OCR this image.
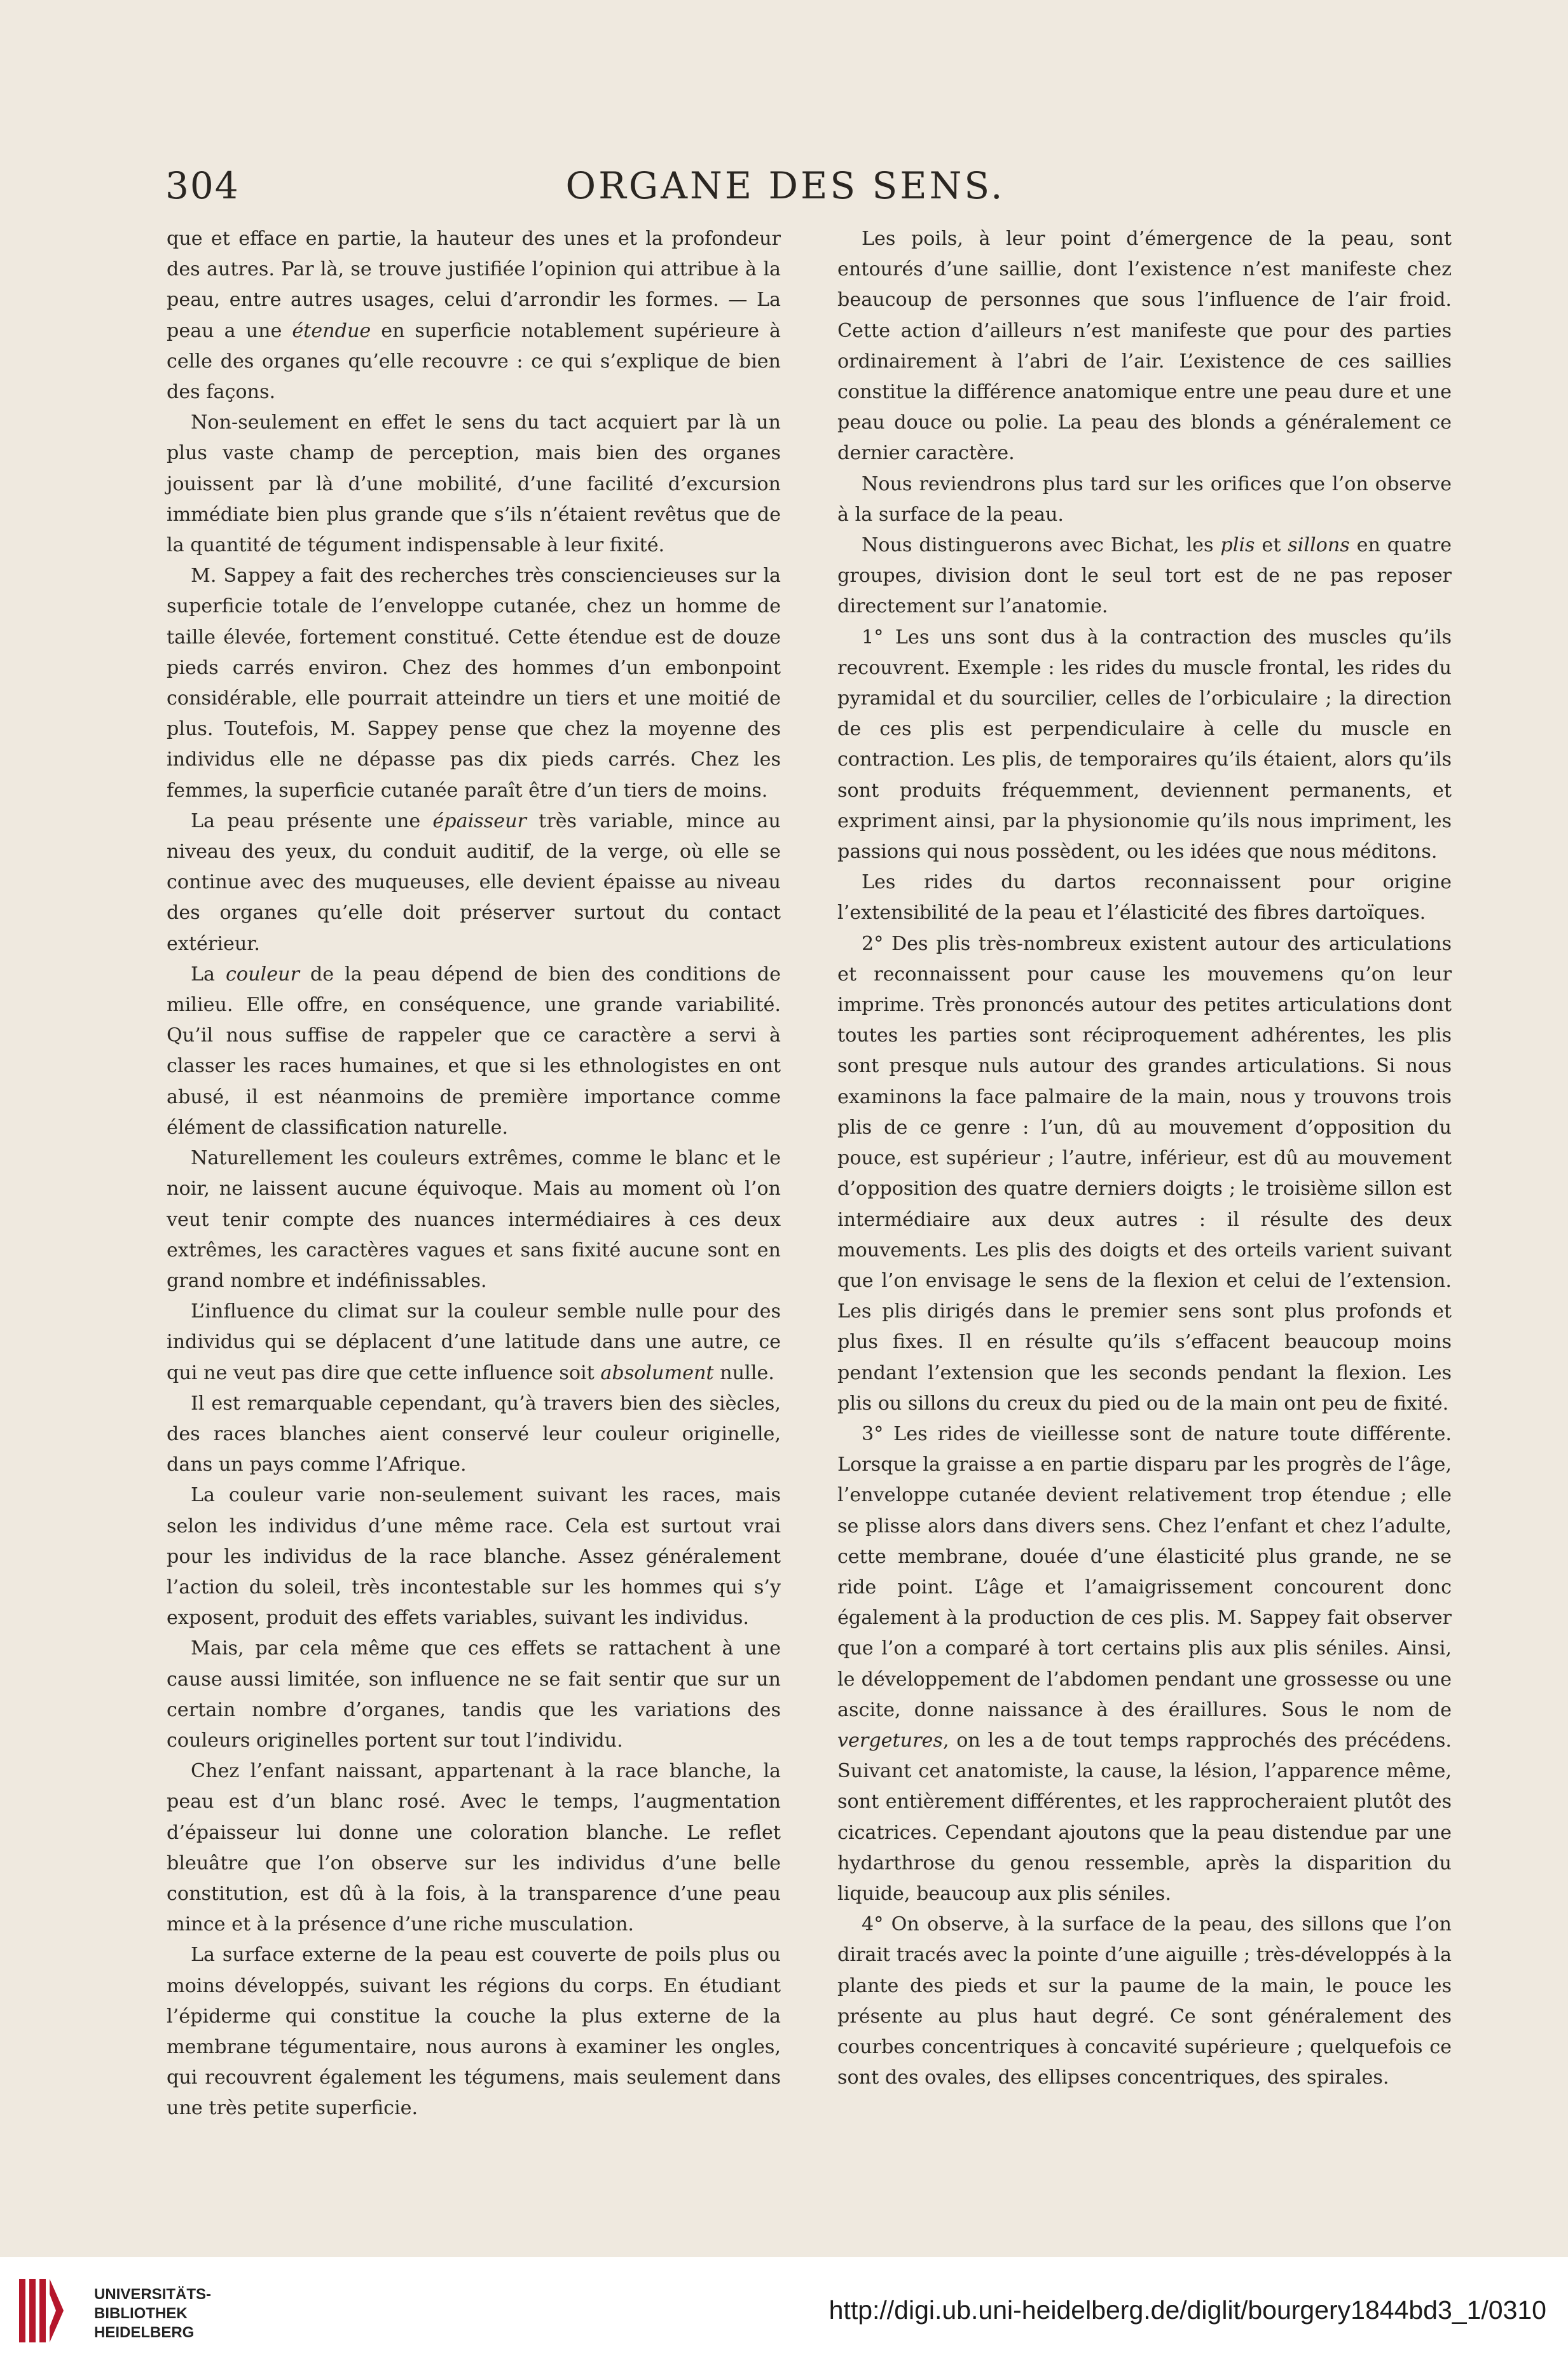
304	ORGANE DES SENS.

que et efface en partie, la hauteur des unes et la profondeur des autres. Par là, se trouve justifiée l’opinion qui attribue à la peau, entre autres usages, celui d’arrondir les formes. — La peau a une étendue en superficie notablement supérieure à celle des organes qu’elle recouvre : ce qui s’explique de bien des façons.

Non-seulement en effet le sens du tact acquiert par là un plus vaste champ de perception, mais bien des organes jouissent par là d’une mobilité, d’une facilité d’excursion immédiate bien plus grande que s’ils n’étaient revêtus que de la quantité de tégument indispensable à leur fixité.

M. Sappey a fait des recherches très consciencieuses sur la superficie totale de l’enveloppe cutanée, chez un homme de taille élevée, fortement constitué. Cette étendue est de douze pieds carrés environ. Chez des hommes d’un embonpoint considérable, elle pourrait atteindre un tiers et une moitié de plus. Toutefois, M. Sappey pense que chez la moyenne des individus elle ne dépasse pas dix pieds carrés. Chez les femmes, la superficie cutanée paraît être d’un tiers de moins.

La peau présente une épaisseur très variable, mince au niveau des yeux, du conduit auditif, de la verge, où elle se continue avec des muqueuses, elle devient épaisse au niveau des organes qu’elle doit préserver surtout du contact extérieur.

La couleur de la peau dépend de bien des conditions de milieu. Elle offre, en conséquence, une grande variabilité. Qu’il nous suffise de rappeler que ce caractère a servi à classer les races humaines, et que si les ethnologistes en ont abusé, il est néanmoins de première importance comme élément de classification naturelle.

Naturellement les couleurs extrêmes, comme le blanc et le noir, ne laissent aucune équivoque. Mais au moment où l’on veut tenir compte des nuances intermédiaires à ces deux extrêmes, les caractères vagues et sans fixité aucune sont en grand nombre et indéfinissables.

L’influence du climat sur la couleur semble nulle pour des individus qui se déplacent d’une latitude dans une autre, ce qui ne veut pas dire que cette influence soit absolument nulle.

Il est remarquable cependant, qu’à travers bien des siècles, des races blanches aient conservé leur couleur originelle, dans un pays comme l’Afrique.

La couleur varie non-seulement suivant les races, mais selon les individus d’une même race. Cela est surtout vrai pour les individus de la race blanche. Assez généralement l’action du soleil, très incontestable sur les hommes qui s’y exposent, produit des effets variables, suivant les individus.

Mais, par cela même que ces effets se rattachent à une cause aussi limitée, son influence ne se fait sentir que sur un certain nombre d’organes, tandis que les variations des couleurs originelles portent sur tout l’individu.

Chez l’enfant naissant, appartenant à la race blanche, la peau est d’un blanc rosé. Avec le temps, l’augmentation d’épaisseur lui donne une coloration blanche. Le reflet bleuâtre que l’on observe sur les individus d’une belle constitution, est dû à la fois, à la transparence d’une peau mince et à la présence d’une riche musculation.

La surface externe de la peau est couverte de poils plus ou moins développés, suivant les régions du corps. En étudiant l’épiderme qui constitue la couche la plus externe de la membrane tégumentaire, nous aurons à examiner les ongles, qui recouvrent également les tégumens, mais seulement dans une très petite superficie.

Les poils, à leur point d’émergence de la peau, sont entourés d’une saillie, dont l’existence n’est manifeste chez beaucoup de personnes que sous l’influence de l’air froid. Cette action d’ailleurs n’est manifeste que pour des parties ordinairement à l’abri de l’air. L’existence de ces saillies constitue la différence anatomique entre une peau dure et une peau douce ou polie. La peau des blonds a généralement ce dernier caractère.

Nous reviendrons plus tard sur les orifices que l’on observe à la surface de la peau.

Nous distinguerons avec Bichat, les plis et sillons en quatre groupes, division dont le seul tort est de ne pas reposer directement sur l’anatomie.

1° Les uns sont dus à la contraction des muscles qu’ils recouvrent. Exemple : les rides du muscle frontal, les rides du pyramidal et du sourcilier, celles de l’orbiculaire ; la direction de ces plis est perpendiculaire à celle du muscle en contraction. Les plis, de temporaires qu’ils étaient, alors qu’ils sont produits fréquemment, deviennent permanents, et expriment ainsi, par la physionomie qu’ils nous impriment, les passions qui nous possèdent, ou les idées que nous méditons.

Les rides du dartos reconnaissent pour origine l’extensibilité de la peau et l’élasticité des fibres dartoïques.

2° Des plis très-nombreux existent autour des articulations et reconnaissent pour cause les mouvemens qu’on leur imprime. Très prononcés autour des petites articulations dont toutes les parties sont réciproquement adhérentes, les plis sont presque nuls autour des grandes articulations. Si nous examinons la face palmaire de la main, nous y trouvons trois plis de ce genre : l’un, dû au mouvement d’opposition du pouce, est supérieur ; l’autre, inférieur, est dû au mouvement d’opposition des quatre derniers doigts ; le troisième sillon est intermédiaire aux deux autres : il résulte des deux mouvements. Les plis des doigts et des orteils varient suivant que l’on envisage le sens de la flexion et celui de l’extension. Les plis dirigés dans le premier sens sont plus profonds et plus fixes. Il en résulte qu’ils s’effacent beaucoup moins pendant l’extension que les seconds pendant la flexion. Les plis ou sillons du creux du pied ou de la main ont peu de fixité.

3° Les rides de vieillesse sont de nature toute différente. Lorsque la graisse a en partie disparu par les progrès de l’âge, l’enveloppe cutanée devient relativement trop étendue ; elle se plisse alors dans divers sens. Chez l’enfant et chez l’adulte, cette membrane, douée d’une élasticité plus grande, ne se ride point. L’âge et l’amaigrissement concourent donc également à la production de ces plis. M. Sappey fait observer que l’on a comparé à tort certains plis aux plis séniles. Ainsi, le développement de l’abdomen pendant une grossesse ou une ascite, donne naissance à des éraillures. Sous le nom de vergetures, on les a de tout temps rapprochés des précédens. Suivant cet anatomiste, la cause, la lésion, l’apparence même, sont entièrement différentes, et les rapprocheraient plutôt des cicatrices. Cependant ajoutons que la peau distendue par une hydarthrose du genou ressemble, après la disparition du liquide, beaucoup aux plis séniles.

4° On observe, à la surface de la peau, des sillons que l’on dirait tracés avec la pointe d’une aiguille ; très-développés à la plante des pieds et sur la paume de la main, le pouce les présente au plus haut degré. Ce sont généralement des courbes concentriques à concavité supérieure ; quelquefois ce sont des ovales, des ellipses concentriques, des spirales.

UNIVERSITÄTS-
BIBLIOTHEK
HEIDELBERG
http://digi.ub.uni-heidelberg.de/diglit/bourgery1844bd3_1/0310
